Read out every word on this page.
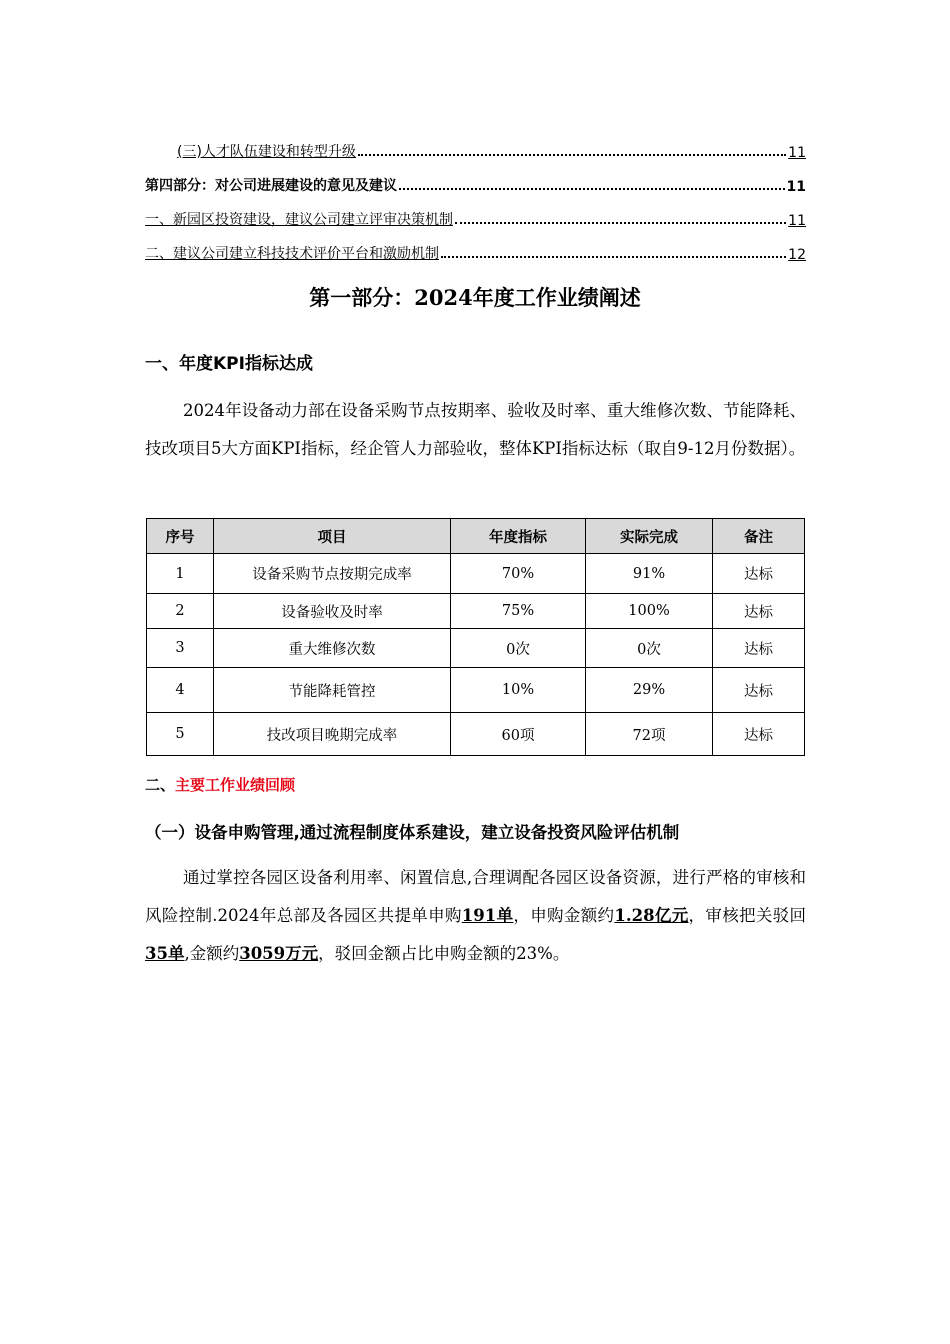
(三)人才队伍建设和转型升级	11
第四部分：对公司进展建设的意见及建议	11
一、新园区投资建设，建议公司建立评审决策机制	11
二、建议公司建立科技技术评价平台和激励机制	12
第一部分：2024年度工作业绩阐述
一、年度KPI指标达成
2024年设备动力部在设备采购节点按期率、验收及时率、重大维修次数、节能降耗、技改项目5大方面KPI指标，经企管人力部验收，整体KPI指标达标（取自9-12月份数据）。
序号	项目	年度指标	实际完成	备注
1	设备采购节点按期完成率	70%	91%	达标
2	设备验收及时率	75%	100%	达标
3	重大维修次数	0次	0次	达标
4	节能降耗管控	10%	29%	达标
5	技改项目晚期完成率	60项	72项	达标
二、主要工作业绩回顾
（一）设备申购管理,通过流程制度体系建设，建立设备投资风险评估机制
通过掌控各园区设备利用率、闲置信息,合理调配各园区设备资源，进行严格的审核和风险控制.2024年总部及各园区共提单申购191单，申购金额约1.28亿元，审核把关驳回35单,金额约3059万元，驳回金额占比申购金额的23%。
